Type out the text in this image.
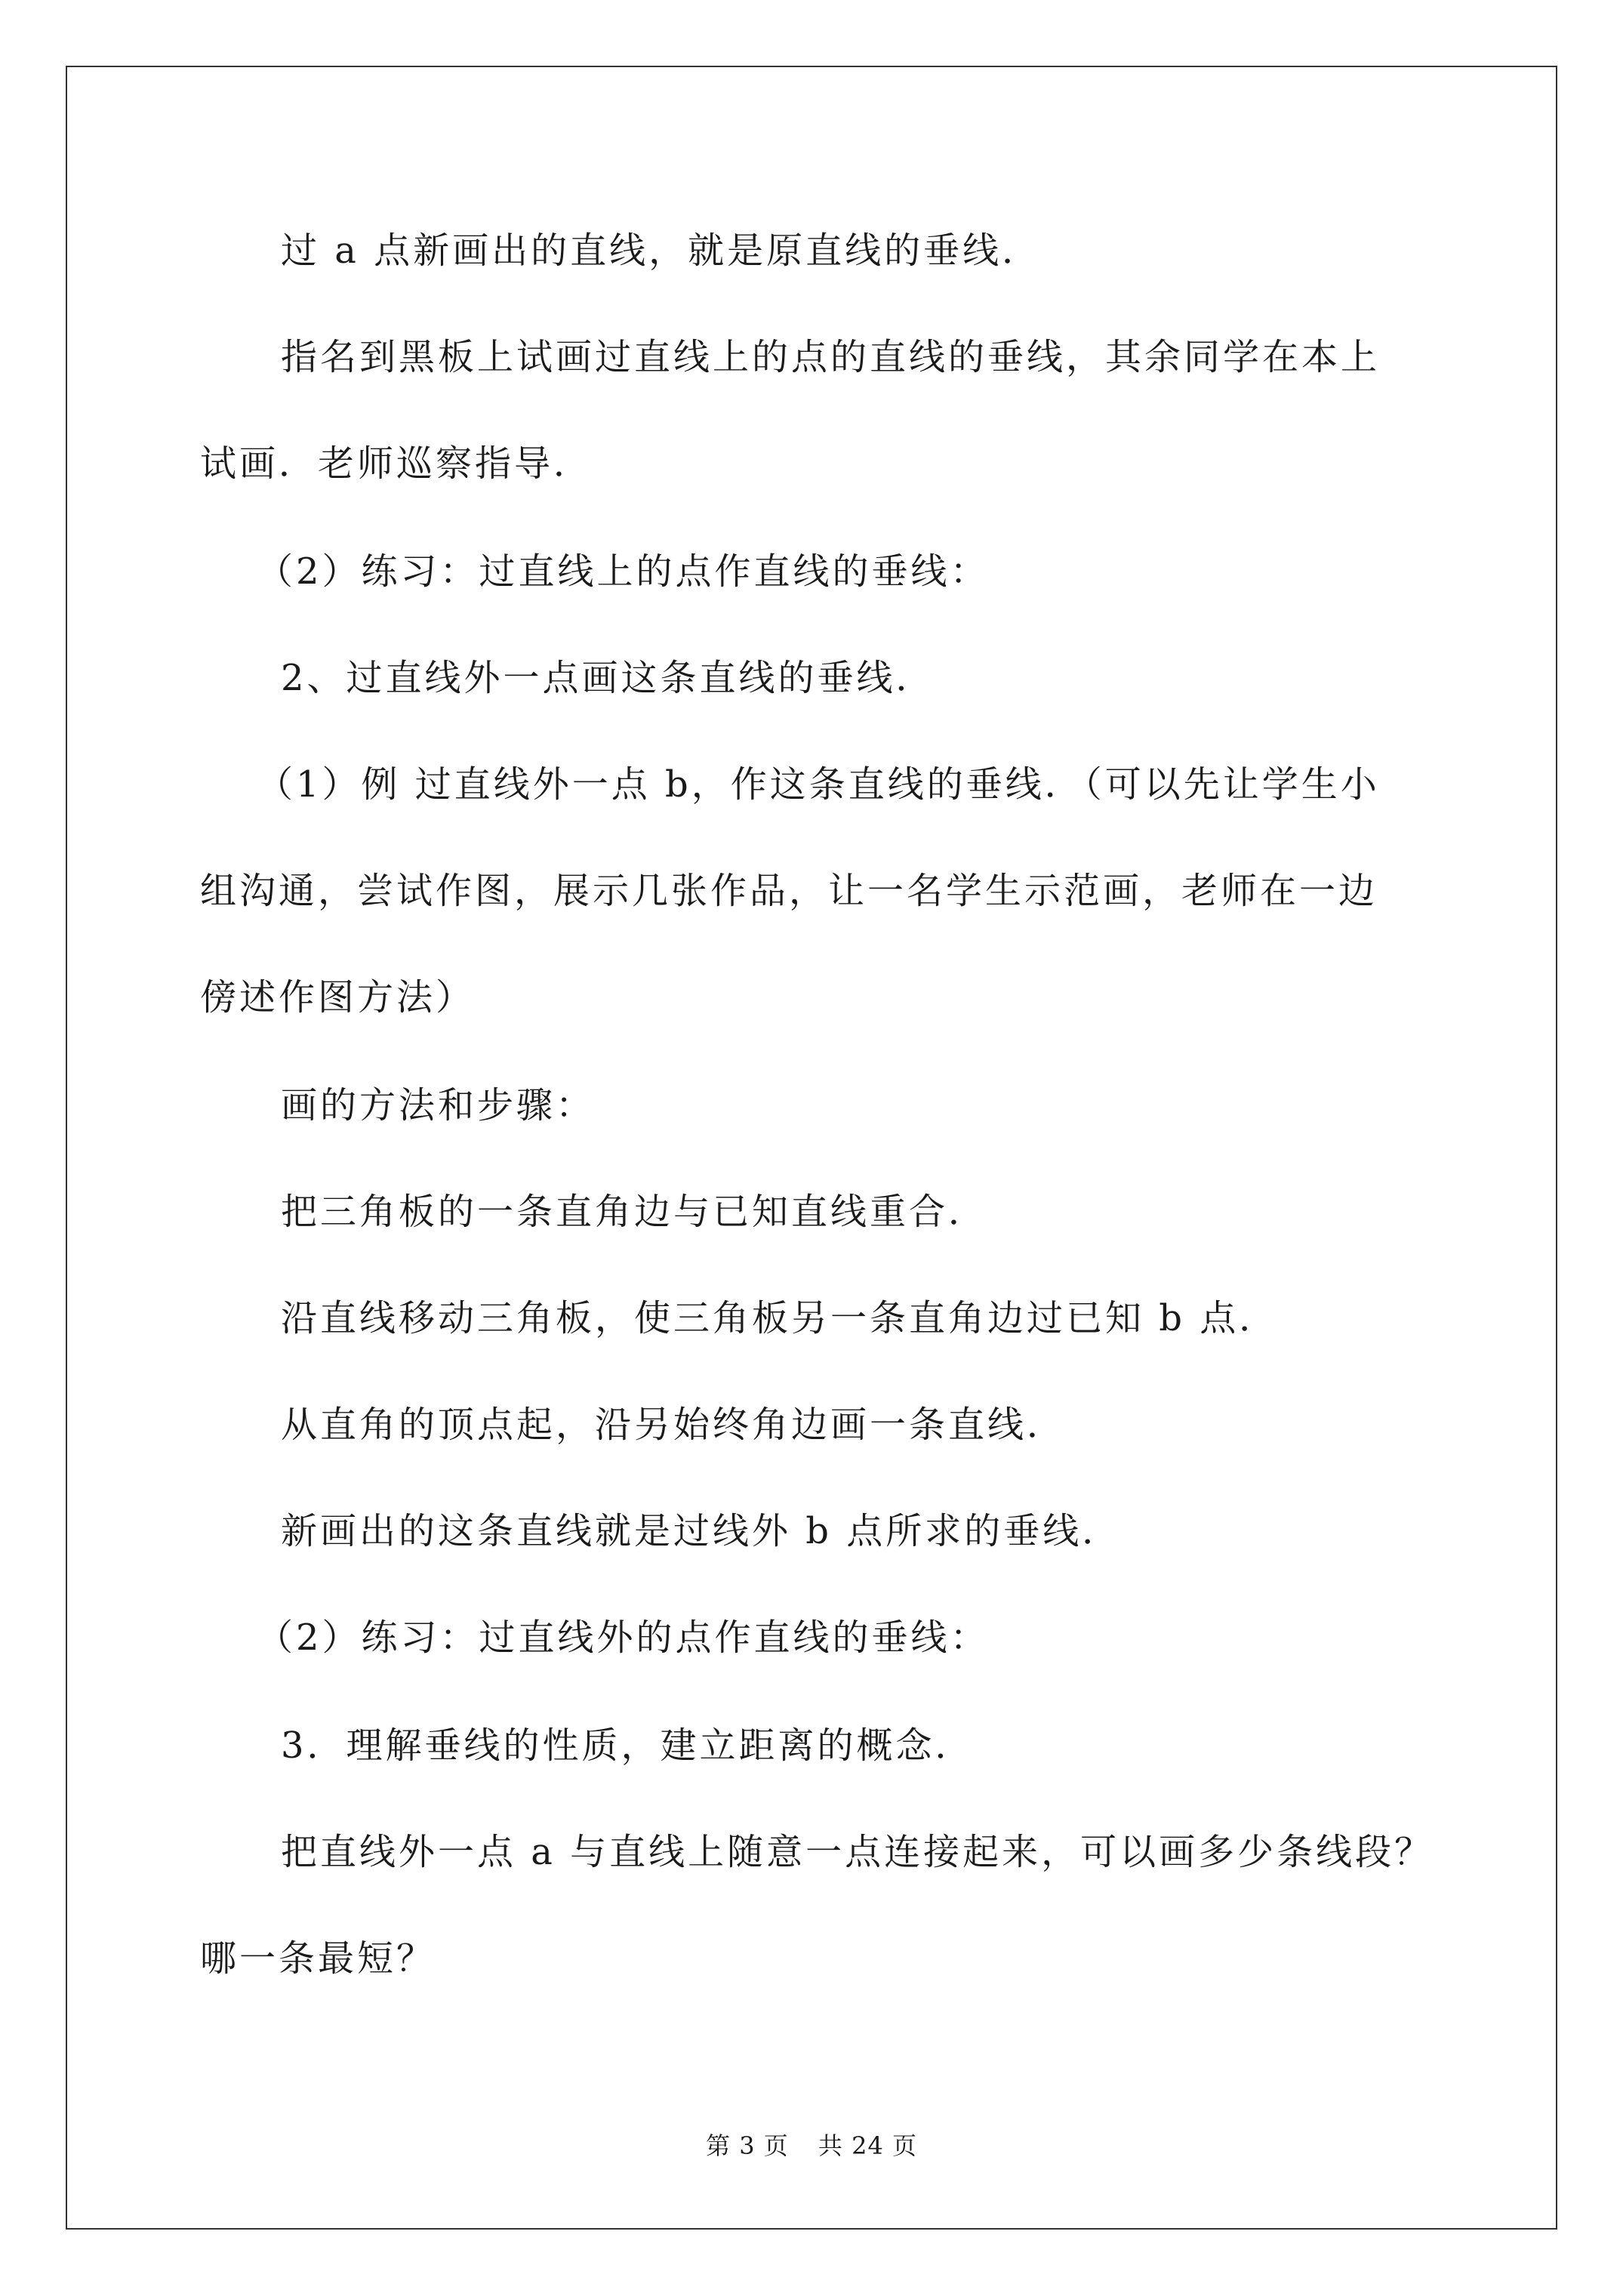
过 a 点新画出的直线，就是原直线的垂线．

指名到黑板上试画过直线上的点的直线的垂线，其余同学在本上

试画．老师巡察指导．

（2）练习：过直线上的点作直线的垂线：

2、过直线外一点画这条直线的垂线．

（1）例 过直线外一点 b，作这条直线的垂线．（可以先让学生小

组沟通，尝试作图，展示几张作品，让一名学生示范画，老师在一边

傍述作图方法）

画的方法和步骤：

把三角板的一条直角边与已知直线重合．

沿直线移动三角板，使三角板另一条直角边过已知 b 点．

从直角的顶点起，沿另始终角边画一条直线．

新画出的这条直线就是过线外 b 点所求的垂线．

（2）练习：过直线外的点作直线的垂线：

3．理解垂线的性质，建立距离的概念．

把直线外一点 a 与直线上随意一点连接起来，可以画多少条线段？

哪一条最短？

第 3 页 共 24 页
